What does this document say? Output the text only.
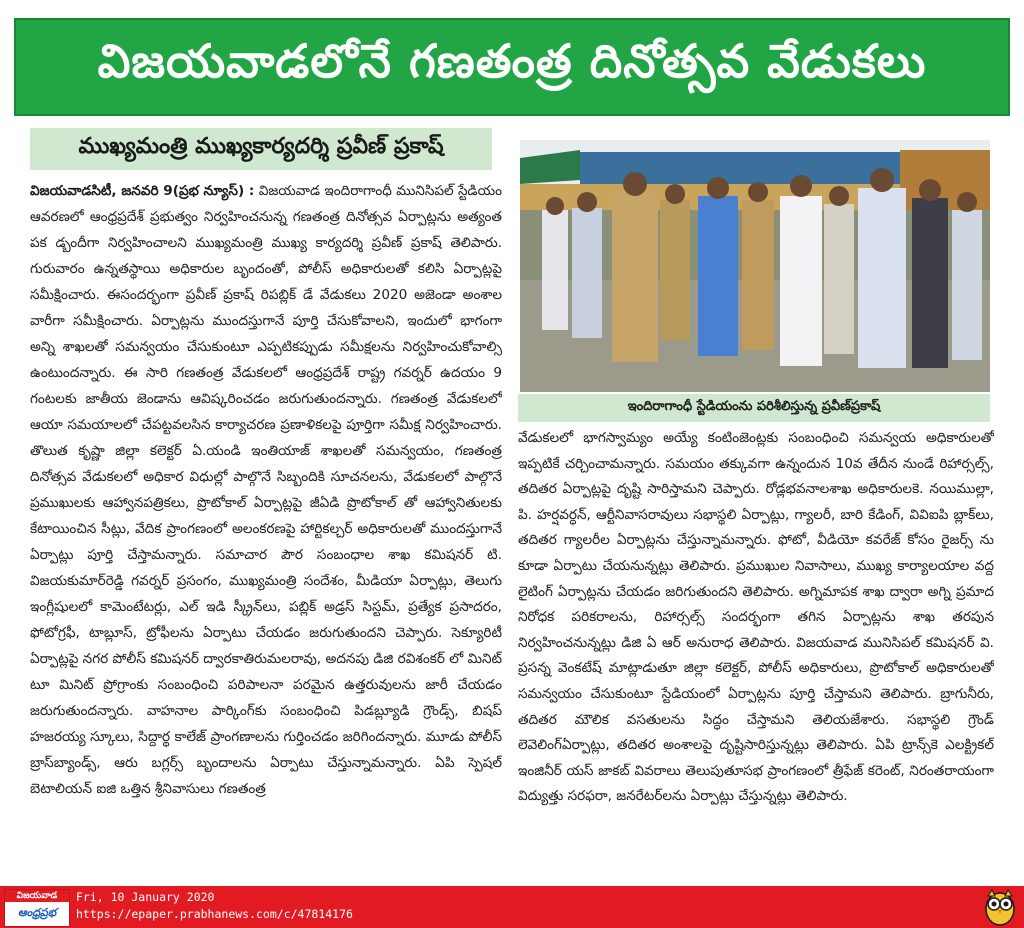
విజయవాడలోనే గణతంత్ర దినోత్సవ వేడుకలు
ముఖ్యమంత్రి ముఖ్యకార్యదర్శి ప్రవీణ్ ప్రకాష్
విజయవాడసిటీ, జనవరి 9(ప్రభ న్యూస్) : విజయవాడ ఇందిరాగాంధీ మునిసిపల్ స్టేడియం ఆవరణలో ఆంధ్రప్రదేశ్ ప్రభుత్వం నిర్వహించనున్న గణతంత్ర దినోత్సవ ఏర్పాట్లను అత్యంత పక డ్బందీగా నిర్వహించాలని ముఖ్యమంత్రి ముఖ్య కార్యదర్శి ప్రవీణ్ ప్రకాష్ తెలిపారు. గురువారం ఉన్నతస్థాయి అధికారుల బృందంతో, పోలీస్ అధికారులతో కలిసి ఏర్పాట్లపై సమీక్షించారు. ఈసందర్భంగా ప్రవీణ్ ప్రకాష్ రిపబ్లిక్ డే వేడుకలు 2020 అజెండా అంశాల వారీగా సమీక్షించారు. ఏర్పాట్లను ముందస్తుగానే పూర్తి చేసుకోవాలని, ఇందులో భాగంగా అన్ని శాఖలతో సమన్వయం చేసుకుంటూ ఎప్పటికప్పుడు సమీక్షలను నిర్వహించుకోవాల్సి ఉంటుందన్నారు. ఈ సారి గణతంత్ర వేడుకలలో ఆంధ్రప్రదేశ్ రాష్ట్ర గవర్నర్ ఉదయం 9 గంటలకు జాతీయ జెండాను ఆవిష్కరించడం జరుగుతుందన్నారు. గణతంత్ర వేడుకలలో ఆయా సమయాలలో చేపట్టవలసిన కార్యాచరణ ప్రణాళికలపై పూర్తిగా సమీక్ష నిర్వహించారు. తొలుత కృష్ణా జిల్లా కలెక్టర్ ఏ.యండి ఇంతియాజ్ శాఖలతో సమన్వయం, గణతంత్ర దినోత్సవ వేడుకలలో అధికార విధుల్లో పాల్గొనే సిబ్బందికి సూచనలను, వేడుకలలో పాల్గొనే ప్రముఖులకు ఆహ్వానపత్రికలు, ప్రొటోకాల్ ఏర్పాట్లపై జీఏడి ప్రొటోకాల్ తో ఆహ్వానితులకు కేటాయించిన సీట్లు, వేదిక ప్రాంగణంలో అలంకరణపై హార్టికల్చర్ అధికారులతో ముందస్తుగానే ఏర్పాట్లు పూర్తి చేస్తామన్నారు. సమాచార పౌర సంబంధాల శాఖ కమిషనర్ టి. విజయకుమార్‌రెడ్డి గవర్నర్ ప్రసంగం, ముఖ్యమంత్రి సందేశం, మీడియా ఏర్పాట్లు, తెలుగు ఇంగ్లీషులలో కామెంటేటర్లు, ఎల్ ఇడి స్క్రీన్‌లు, పబ్లిక్ అడ్రస్ సిస్టమ్, ప్రత్యేక ప్రసాదరం, ఫోటోగ్రఫీ, టాబ్లూస్, ట్రోఫీలను ఏర్పాటు చేయడం జరుగుతుందని చెప్పారు. సెక్యూరిటీ ఏర్పాట్లపై నగర పోలీస్ కమిషనర్ ద్వారకాతిరుమలరావు, అదనపు డిజి రవిశంకర్ లో మినిట్ టూ మినిట్ ప్రోగ్రాంకు సంబంధించి పరిపాలనా పరమైన ఉత్తరువులను జారీ చేయడం జరుగుతుందన్నారు. వాహనాల పార్కింగ్‌కు సంబంధించి పిడబ్ల్యూడి గ్రౌండ్స్, బిషప్ హజరయ్య స్కూలు, సిద్దార్థ కాలేజ్ ప్రాంగణాలను గుర్తించడం జరిగిందన్నారు. మూడు పోలీస్ బ్రాస్‌బ్యాండ్స్, ఆరు బగ్లర్స్ బృందాలను ఏర్పాటు చేస్తున్నామన్నారు. ఏపి స్పెషల్ బెటాలియన్ ఐజి ఒత్తిన శ్రీనివాసులు గణతంత్ర
ఇందిరాగాంధీ స్టేడియంను పరిశీలిస్తున్న ప్రవీణ్‌ప్రకాష్
వేడుకలలో భాగస్వామ్యం అయ్యే కంటింజెంట్లకు సంబంధించి సమన్వయ అధికారులతో ఇప్పటికే చర్చించామన్నారు. సమయం తక్కువగా ఉన్నందున 10వ తేదీన నుండే రిహార్సల్స్, తదితర ఏర్పాట్లపై దృష్టి సారిస్తామని చెప్పారు. రోడ్లభవనాలశాఖ అధికారులకె. నయిముల్లా, పి. హర్షవర్ధన్, ఆర్టీనివాసరావులు సభాస్థలి ఏర్పాట్లు, గ్యాలరీ, బారి కేడింగ్, వివిఐపి బ్లాక్‌లు, తదితర గ్యాలరీల ఏర్పాట్లను చేస్తున్నామన్నారు. ఫోటో, వీడియో కవరేజ్ కోసం రైజర్స్ ను కూడా ఏర్పాటు చేయనున్నట్లు తెలిపారు. ప్రముఖుల నివాసాలు, ముఖ్య కార్యాలయాల వద్ద లైటింగ్ ఏర్పాట్లను చేయడం జరిగుతుందని తెలిపారు. అగ్నిమాపక శాఖ ద్వారా అగ్ని ప్రమాద నిరోధక పరికరాలను, రిహార్సల్స్ సందర్భంగా తగిన ఏర్పాట్లను శాఖ తరపున నిర్వహించనున్నట్లు డిజి ఏ ఆర్ అనురాధ తెలిపారు. విజయవాడ మునిసిపల్ కమిషనర్ వి. ప్రసన్న వెంకటేష్ మాట్లాడుతూ జిల్లా కలెక్టర్, పోలీస్ అధికారులు, ప్రొటోకాల్ అధికారులతో సమన్వయం చేసుకుంటూ స్టేడియంలో ఏర్పాట్లను పూర్తి చేస్తామని తెలిపారు. బ్రాగునీరు, తదితర మౌలిక వసతులను సిద్ధం చేస్తామని తెలియజేశారు. సభాస్థలి గ్రౌండ్ లెవెలింగ్‌ఏర్పాట్లు, తదితర అంశాలపై దృష్టిసారిస్తున్నట్లు తెలిపారు. ఏపి ట్రాన్స్‌కె ఎలక్ట్రికల్ ఇంజినీర్ యస్ జాకబ్ వివరాలు తెలుపుతూసభ ప్రాంగణంలో త్రీఫేజ్ కరెంట్, నిరంతరాయంగా విద్యుత్తు సరఫరా, జనరేటర్‌లను ఏర్పాట్లు చేస్తున్నట్లు తెలిపారు.
విజయవాడ
ఆంధ్రప్రభ
Fri, 10 January 2020
https://epaper.prabhanews.com/c/47814176
